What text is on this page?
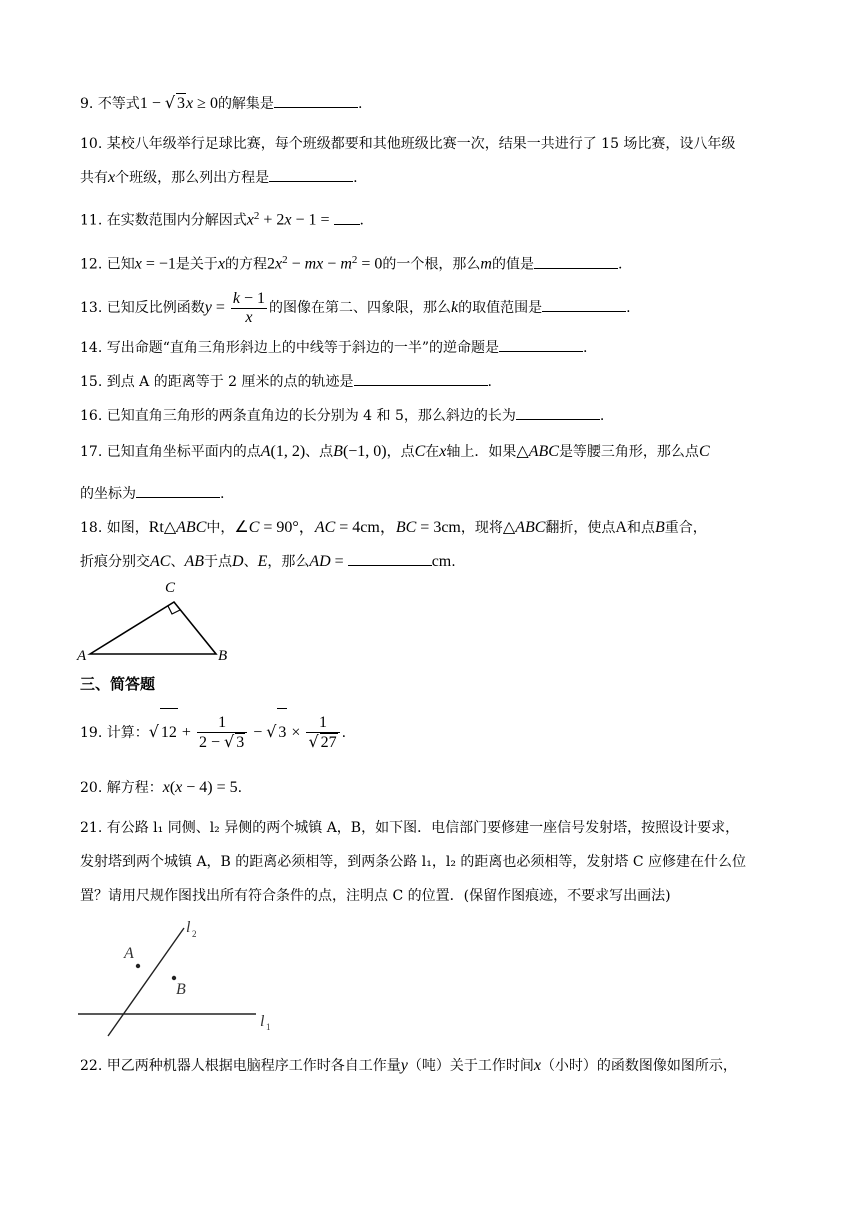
9. 不等式1 − √ 3x ≥ 0的解集是	.
10. 某校八年级举行足球比赛，每个班级都要和其他班级比赛一次，结果一共进行了 15 场比赛，设八年级
共有x个班级，那么列出方程是	.
11. 在实数范围内分解因式$x^2 + 2x - 1$ = .
12. 已知x = −1是关于x的方程$2x^2$ − mx − $m^2 = 0$的一个根，那么m的值是	.
13. 已知反比例函数$y = \frac{k - 1}{x}$ 的图像在第二、四象限，那么k的取值范围是	.
14. 写出命题“直角三角形斜边上的中线等于斜边的一半”的逆命题是	.
15. 到点 A 的距离等于 2 厘米的点的轨迹是	.
16. 已知直角三角形的两条直角边的长分别为 4 和 5，那么斜边的长为	.
17. 已知直角坐标平面内的点A(1, 2)、点B(−1, 0)，点C在x轴上．如果△ABC是等腰三角形，那么点C
的坐标为	.
18. 如图，Rt△ABC中，∠C = 90°，AC = 4cm，BC = 3cm，现将△ABC翻折，使点A和点B重合，
折痕分别交AC、AB于点D、E，那么AD =	cm.
A	B
C
三、简答题
19. 计算：√ $12 + \frac{1}{2 - √ 3}$ − √ $3 \times \frac{1}{√ 27}$ .
20. 解方程：x(x − 4) = 5.
21. 有公路 l₁ 同侧、l₂ 异侧的两个城镇 A，B，如下图．电信部门要修建一座信号发射塔，按照设计要求，
发射塔到两个城镇 A，B 的距离必须相等，到两条公路 l₁，l₂ 的距离也必须相等，发射塔 C 应修建在什么位
置？请用尺规作图找出所有符合条件的点，注明点 C 的位置．(保留作图痕迹，不要求写出画法)
A
B
l 1
l 2
22. 甲乙两种机器人根据电脑程序工作时各自工作量y（吨）关于工作时间x（小时）的函数图像如图所示，
